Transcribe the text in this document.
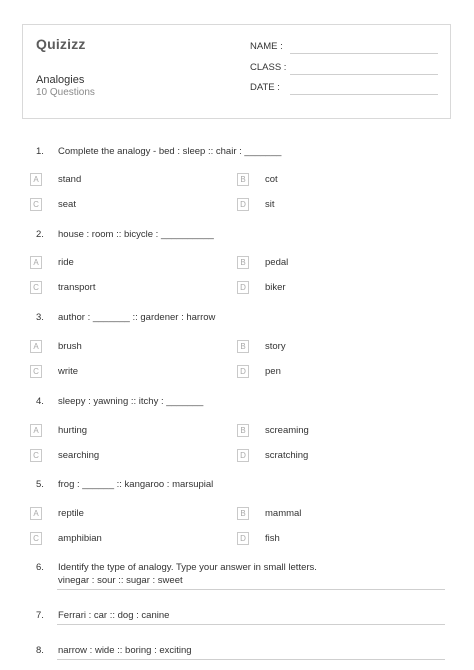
Quizizz
Analogies
10 Questions
NAME :
CLASS :
DATE :
1.	Complete the analogy - bed : sleep :: chair : _______
A	stand	B	cot
C	seat	D	sit
2.	house : room :: bicycle : __________
A	ride	B	pedal
C	transport	D	biker
3.	author : _______ :: gardener : harrow
A	brush	B	story
C	write	D	pen
4.	sleepy : yawning :: itchy : _______
A	hurting	B	screaming
C	searching	D	scratching
5.	frog : ______ :: kangaroo : marsupial
A	reptile	B	mammal
C	amphibian	D	fish
6.	Identify the type of analogy. Type your answer in small letters.
vinegar : sour :: sugar : sweet
7.	Ferrari : car :: dog : canine
8.	narrow : wide :: boring : exciting
